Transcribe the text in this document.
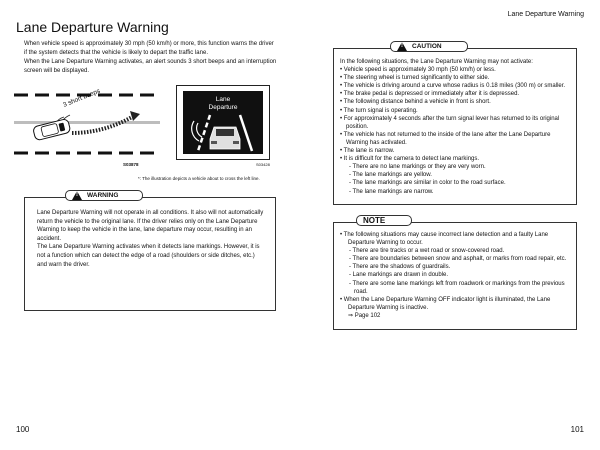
Lane Departure Warning
Lane Departure Warning

When vehicle speed is approximately 30 mph (50 km/h) or more, this function warns the driver if the system detects that the vehicle is likely to depart the traffic lane.

When the Lane Departure Warning activates, an alert sounds 3 short beeps and an interruption screen will be displayed.

3 short beeps
S03878
Lane
Departure
S03428
*: The illustration depicts a vehicle about to cross the left line.
! WARNING

Lane Departure Warning will not operate in all conditions. It also will not automatically return the vehicle to the original lane. If the driver relies only on the Lane Departure Warning to keep the vehicle in the lane, lane departure may occur, resulting in an accident.

The Lane Departure Warning activates when it detects lane markings. However, it is not a function which can detect the edge of a road (shoulders or side ditches, etc.) and warn the driver.

! CAUTION
In the following situations, the Lane Departure Warning may not activate:
• Vehicle speed is approximately 30 mph (50 km/h) or less.
• The steering wheel is turned significantly to either side.
• The vehicle is driving around a curve whose radius is 0.18 miles (300 m) or smaller.
• The brake pedal is depressed or immediately after it is depressed.
• The following distance behind a vehicle in front is short.
• The turn signal is operating.
• For approximately 4 seconds after the turn signal lever has returned to its original position.
• The vehicle has not returned to the inside of the lane after the Lane Departure Warning has activated.
• The lane is narrow.
• It is difficult for the camera to detect lane markings.
- There are no lane markings or they are very worn.
- The lane markings are yellow.
- The lane markings are similar in color to the road surface.
- The lane markings are narrow.
NOTE
• The following situations may cause incorrect lane detection and a faulty Lane Departure Warning to occur.
- There are tire tracks or a wet road or snow-covered road.
- There are boundaries between snow and asphalt, or marks from road repair, etc.
- There are the shadows of guardrails.
- Lane markings are drawn in double.
- There are some lane markings left from roadwork or markings from the previous road.
• When the Lane Departure Warning OFF indicator light is illuminated, the Lane Departure Warning is inactive.
⇒ Page 102
100	101
